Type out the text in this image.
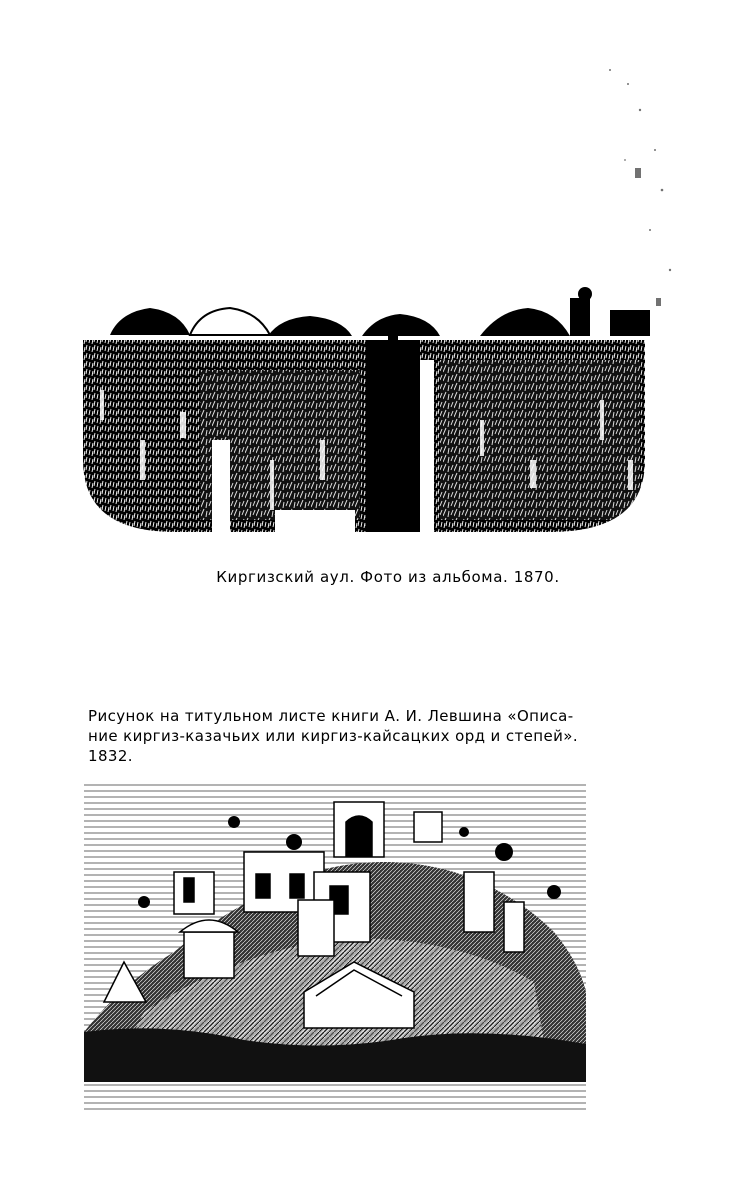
Киргизский аул. Фото из альбома. 1870.
Рисунок на титульном листе книги А. И. Левшина «Описа-
ние киргиз-казачьих или киргиз-кайсацких орд и степей».
1832.
